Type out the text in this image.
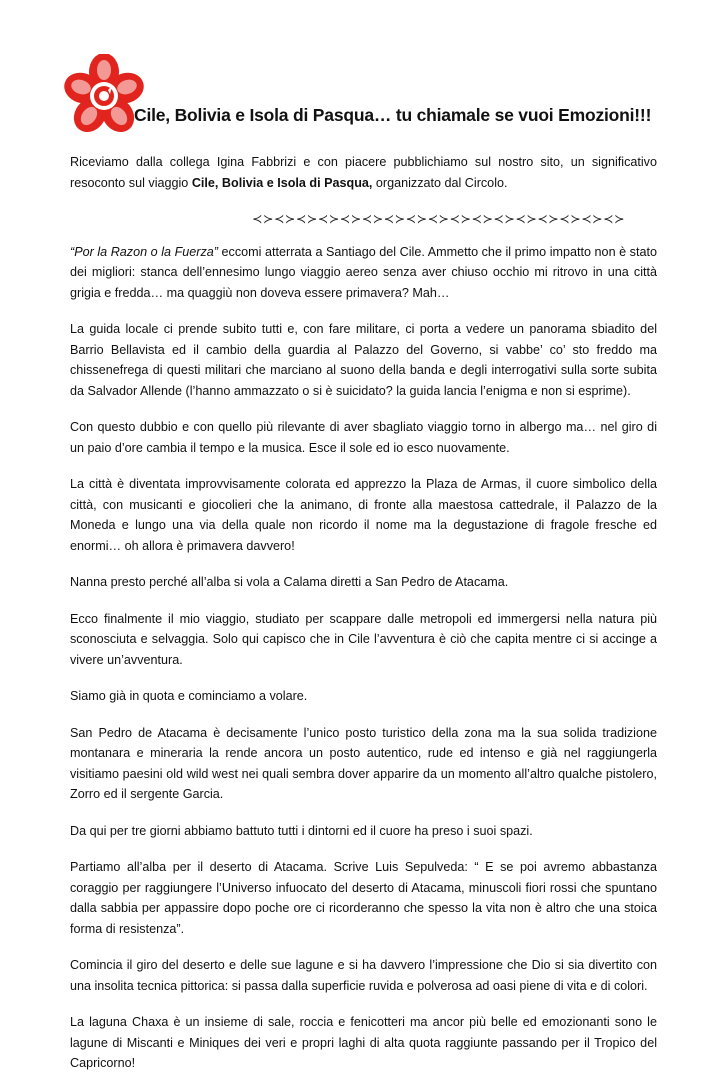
Cile, Bolivia e Isola di Pasqua… tu chiamale se vuoi Emozioni!!!

Riceviamo dalla collega Igina Fabbrizi e con piacere pubblichiamo sul nostro sito, un significativo resoconto sul viaggio Cile, Bolivia e Isola di Pasqua, organizzato dal Circolo.

≺≻≺≻≺≻≺≻≺≻≺≻≺≻≺≻≺≻≺≻≺≻≺≻≺≻≺≻≺≻≺≻≺≻

“Por la Razon o la Fuerza” eccomi atterrata a Santiago del Cile. Ammetto che il primo impatto non è stato dei migliori: stanca dell’ennesimo lungo viaggio aereo senza aver chiuso occhio mi ritrovo in una città grigia e fredda… ma quaggiù non doveva essere primavera? Mah…

La guida locale ci prende subito tutti e, con fare militare, ci porta a vedere un panorama sbiadito del Barrio Bellavista ed il cambio della guardia al Palazzo del Governo, si vabbe’ co’ sto freddo ma chissenefrega di questi militari che marciano al suono della banda e degli interrogativi sulla sorte subita da Salvador Allende (l’hanno ammazzato o si è suicidato? la guida lancia l’enigma e non si esprime).

Con questo dubbio e con quello più rilevante di aver sbagliato viaggio torno in albergo ma… nel giro di un paio d’ore cambia il tempo e la musica. Esce il sole ed io esco nuovamente.

La città è diventata improvvisamente colorata ed apprezzo la Plaza de Armas, il cuore simbolico della città, con musicanti e giocolieri che la animano, di fronte alla maestosa cattedrale, il Palazzo de la Moneda e lungo una via della quale non ricordo il nome ma la degustazione di fragole fresche ed enormi… oh allora è primavera davvero!

Nanna presto perché all’alba si vola a Calama diretti a San Pedro de Atacama.

Ecco finalmente il mio viaggio, studiato per scappare dalle metropoli ed immergersi nella natura più sconosciuta e selvaggia. Solo qui capisco che in Cile l’avventura è ciò che capita mentre ci si accinge a vivere un’avventura.

Siamo già in quota e cominciamo a volare.

San Pedro de Atacama è decisamente l’unico posto turistico della zona ma la sua solida tradizione montanara e mineraria la rende ancora un posto autentico, rude ed intenso e già nel raggiungerla visitiamo paesini old wild west nei quali sembra dover apparire da un momento all’altro qualche pistolero, Zorro ed il sergente Garcia.

Da qui per tre giorni abbiamo battuto tutti i dintorni ed il cuore ha preso i suoi spazi.

Partiamo all’alba per il deserto di Atacama. Scrive Luis Sepulveda: “ E se poi avremo abbastanza coraggio per raggiungere l’Universo infuocato del deserto di Atacama, minuscoli fiori rossi che spuntano dalla sabbia per appassire dopo poche ore ci ricorderanno che spesso la vita non è altro che una stoica forma di resistenza”.

Comincia il giro del deserto e delle sue lagune e si ha davvero l’impressione che Dio si sia divertito con una insolita tecnica pittorica: si passa dalla superficie ruvida e polverosa ad oasi piene di vita e di colori.

La laguna Chaxa è un insieme di sale, roccia e fenicotteri ma ancor più belle ed emozionanti sono le lagune di Miscanti e Miniques dei veri e propri laghi di alta quota raggiunte passando per il Tropico del Capricorno!
